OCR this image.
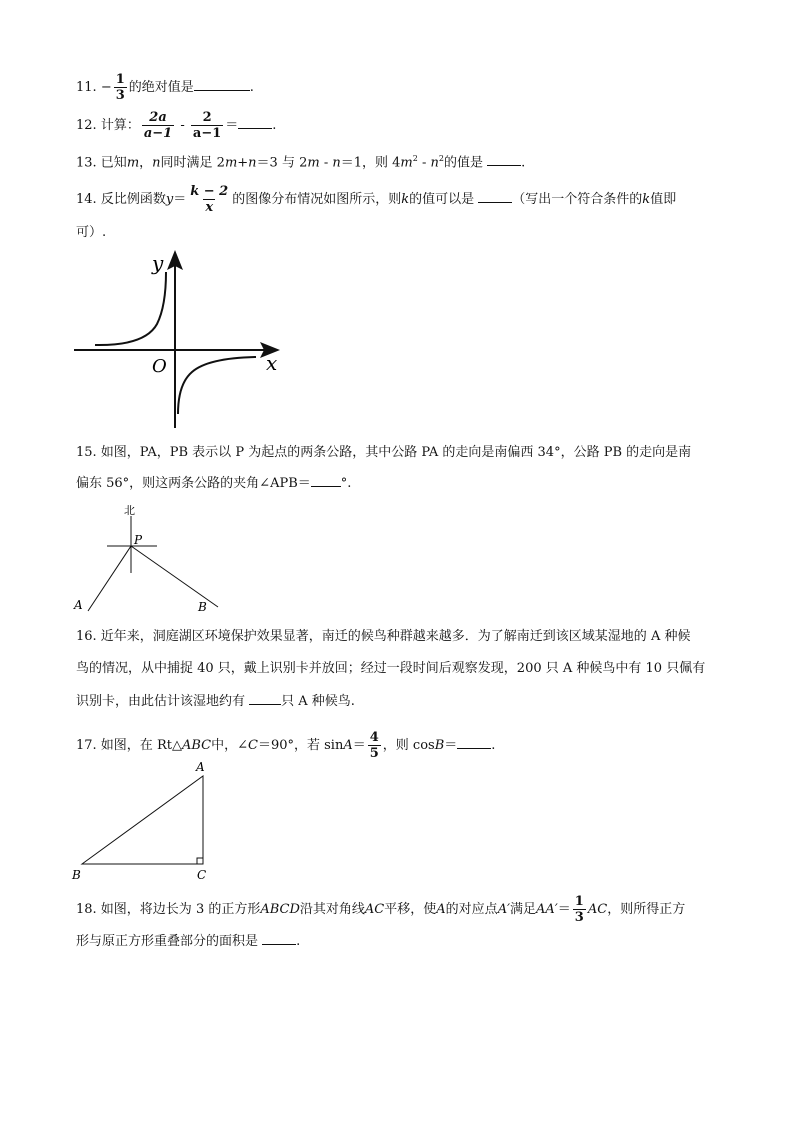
11. − $\frac{1}{3}$ 的绝对值是	.
12. 计算： $\frac{2a}{a-1} - \frac{2}{a-1}$ ＝	.
13. 已知m，n同时满足 2m+n＝3 与 2m - n＝1，则 $4m^2 - n^2$的值是	.
14. 反比例函数$y= \frac{k - 2}{x}$ 的图像分布情况如图所示，则k的值可以是	（写出一个符合条件的k值即
可）.
y
x
O
15. 如图，PA，PB 表示以 P 为起点的两条公路，其中公路 PA 的走向是南偏西 34°，公路 PB 的走向是南
偏东 56°，则这两条公路的夹角∠APB＝ °.
北
P
A	B
16. 近年来，洞庭湖区环境保护效果显著，南迁的候鸟种群越来越多．为了解南迁到该区域某湿地的 A 种候
鸟的情况，从中捕捉 40 只，戴上识别卡并放回；经过一段时间后观察发现，200 只 A 种候鸟中有 10 只佩有
识别卡，由此估计该湿地约有	只 A 种候鸟.
17. 如图，在 Rt△ABC中，∠C＝90°，若 $\sin A= \frac{4}{5}$ ，则 cosB＝	.
A
B	C
18. 如图，将边长为 3 的正方形ABCD沿其对角线AC平移，使A的对应点A′满足$AA'= \frac{1}{3}$ AC，则所得正方
形与原正方形重叠部分的面积是	.
